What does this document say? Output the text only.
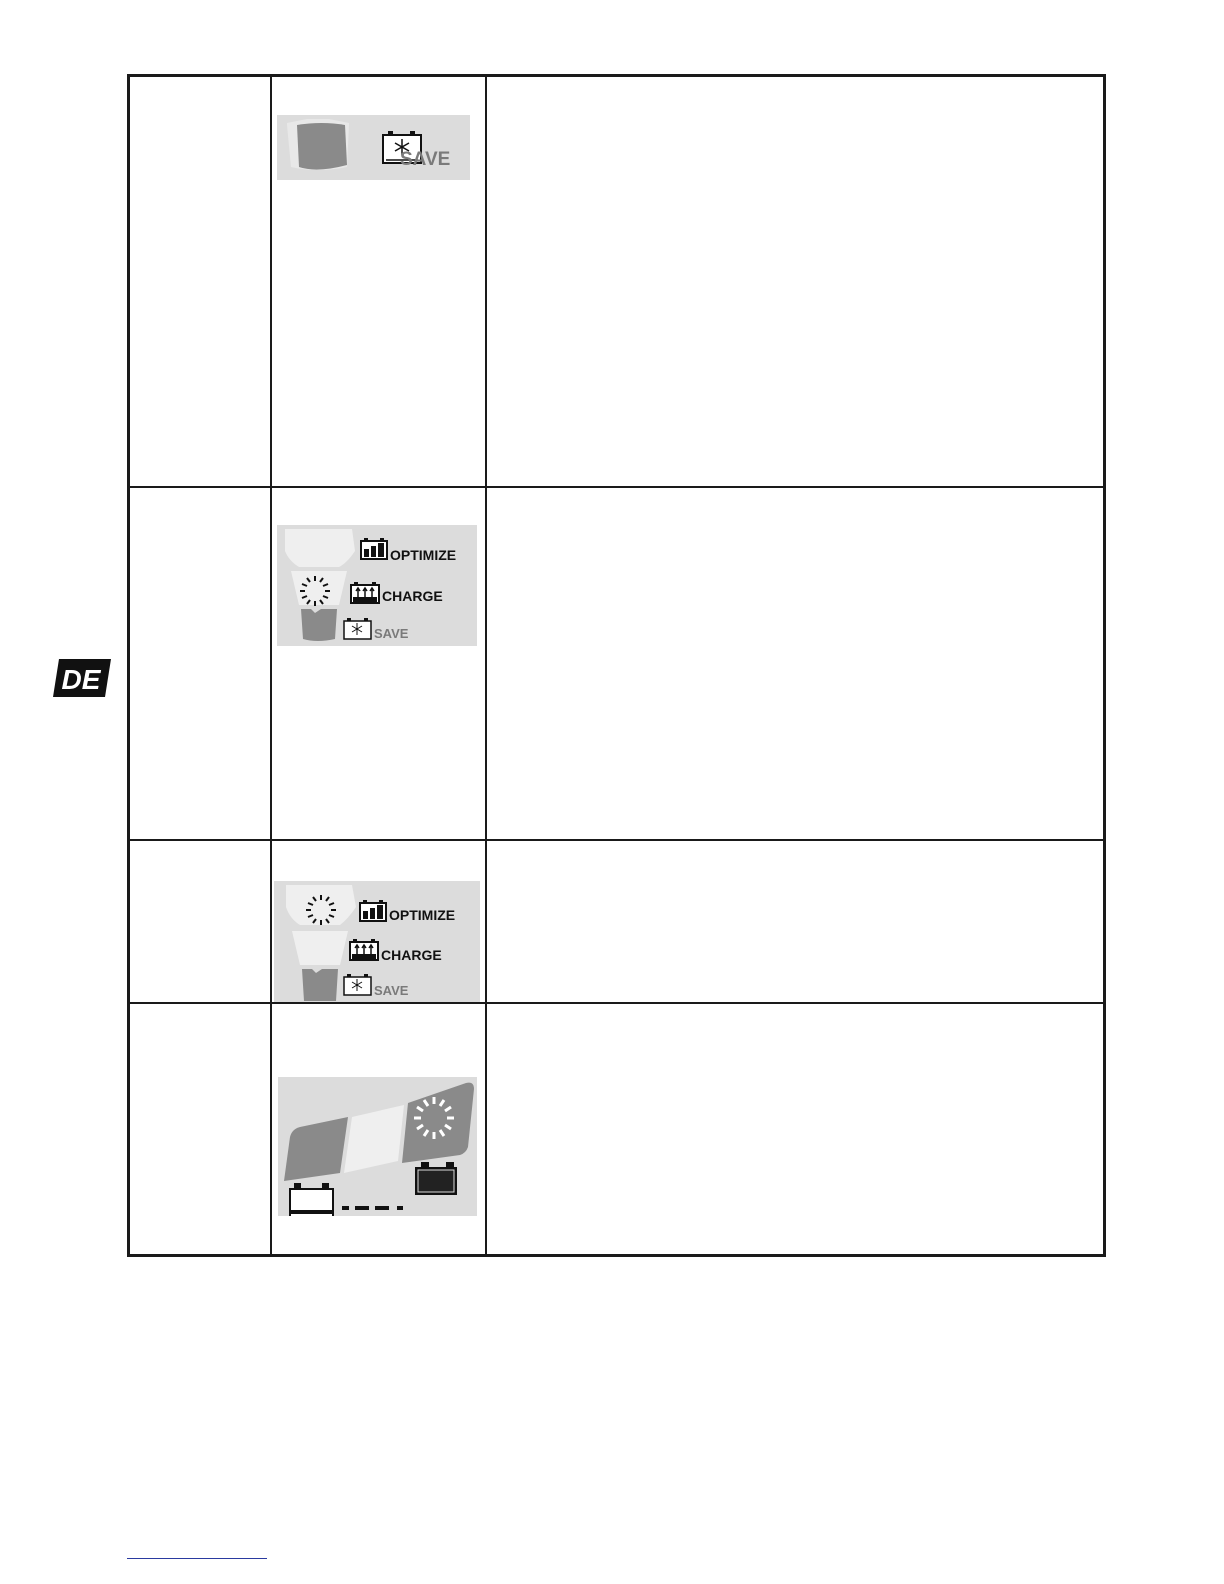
SAVE
OPTIMIZE
CHARGE
SAVE
OPTIMIZE
CHARGE
SAVE
DE
